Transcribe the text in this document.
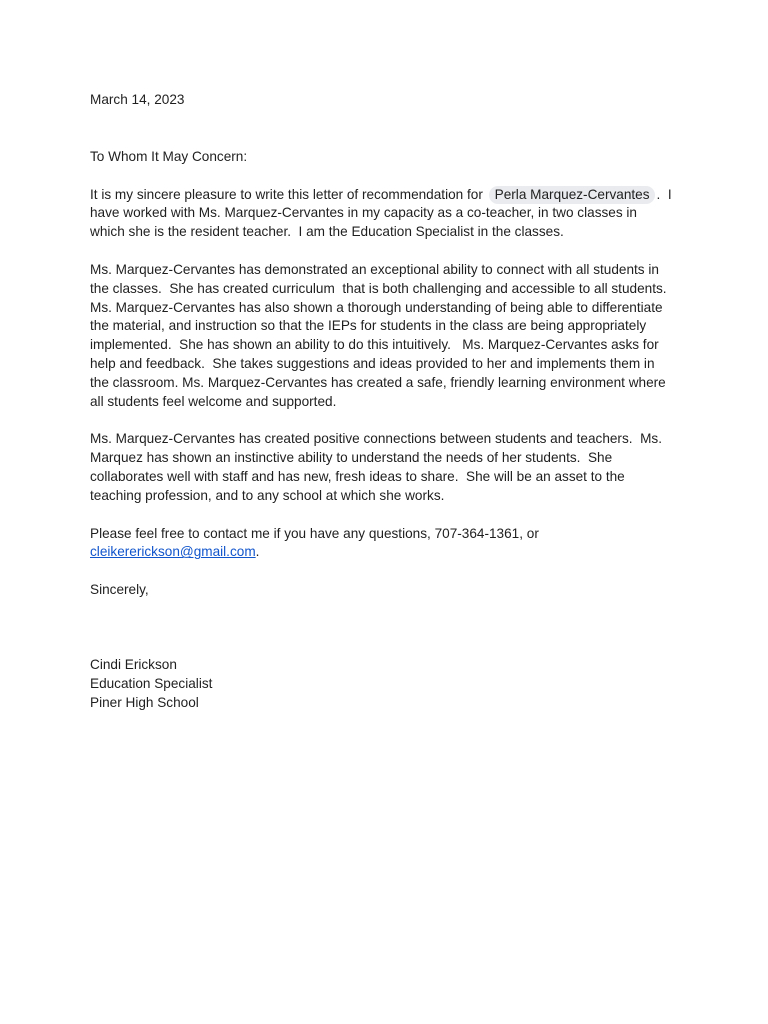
March 14, 2023
To Whom It May Concern:
It is my sincere pleasure to write this letter of recommendation for Perla Marquez-Cervantes .  I
have worked with Ms. Marquez-Cervantes in my capacity as a co-teacher, in two classes in
which she is the resident teacher.  I am the Education Specialist in the classes.
Ms. Marquez-Cervantes has demonstrated an exceptional ability to connect with all students in
the classes.  She has created curriculum  that is both challenging and accessible to all students.
Ms. Marquez-Cervantes has also shown a thorough understanding of being able to differentiate
the material, and instruction so that the IEPs for students in the class are being appropriately
implemented.  She has shown an ability to do this intuitively.   Ms. Marquez-Cervantes asks for
help and feedback.  She takes suggestions and ideas provided to her and implements them in
the classroom. Ms. Marquez-Cervantes has created a safe, friendly learning environment where
all students feel welcome and supported.
Ms. Marquez-Cervantes has created positive connections between students and teachers.  Ms.
Marquez has shown an instinctive ability to understand the needs of her students.  She
collaborates well with staff and has new, fresh ideas to share.  She will be an asset to the
teaching profession, and to any school at which she works.
Please feel free to contact me if you have any questions, 707-364-1361, or
cleikererickson@gmail.com.
Sincerely,
Cindi Erickson
Education Specialist
Piner High School
